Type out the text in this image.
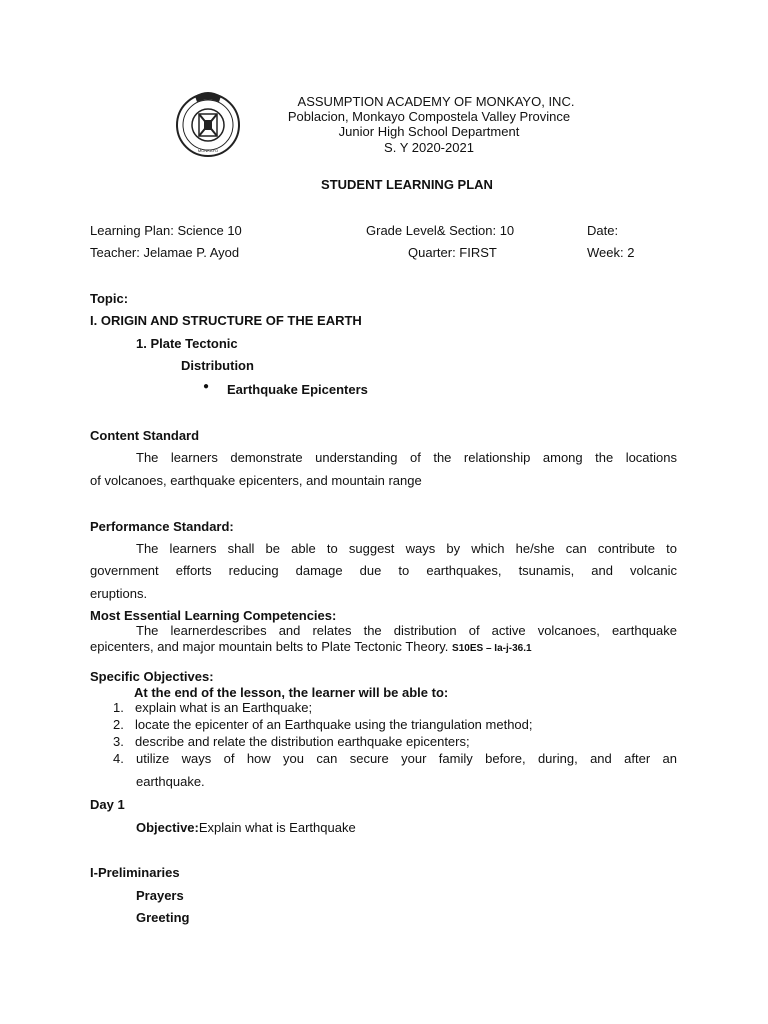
MONKAYO
ASSUMPTION ACADEMY OF MONKAYO, INC.
Poblacion, Monkayo Compostela Valley Province
Junior High School Department
S. Y 2020-2021
STUDENT LEARNING PLAN
Learning Plan: Science 10	Grade Level& Section: 10	Date:
Teacher: Jelamae P. Ayod	Quarter: FIRST	Week: 2
Topic:
I. ORIGIN AND STRUCTURE OF THE EARTH
1. Plate Tectonic
Distribution
● Earthquake Epicenters
Content Standard
The learners demonstrate understanding of the relationship among the locations
of volcanoes, earthquake epicenters, and mountain range
Performance Standard:
The learners shall be able to suggest ways by which he/she can contribute to
government efforts reducing damage due to earthquakes, tsunamis, and volcanic
eruptions.
Most Essential Learning Competencies:
The learnerdescribes and relates the distribution of active volcanoes, earthquake
epicenters, and major mountain belts to Plate Tectonic Theory. S10ES – Ia-j-36.1
Specific Objectives:
At the end of the lesson, the learner will be able to:
1. explain what is an Earthquake;
2. locate the epicenter of an Earthquake using the triangulation method;
3. describe and relate the distribution earthquake epicenters;
4. utilize ways of how you can secure your family before, during, and after an
earthquake.
Day 1
Objective:Explain what is Earthquake
I-Preliminaries
Prayers
Greeting
